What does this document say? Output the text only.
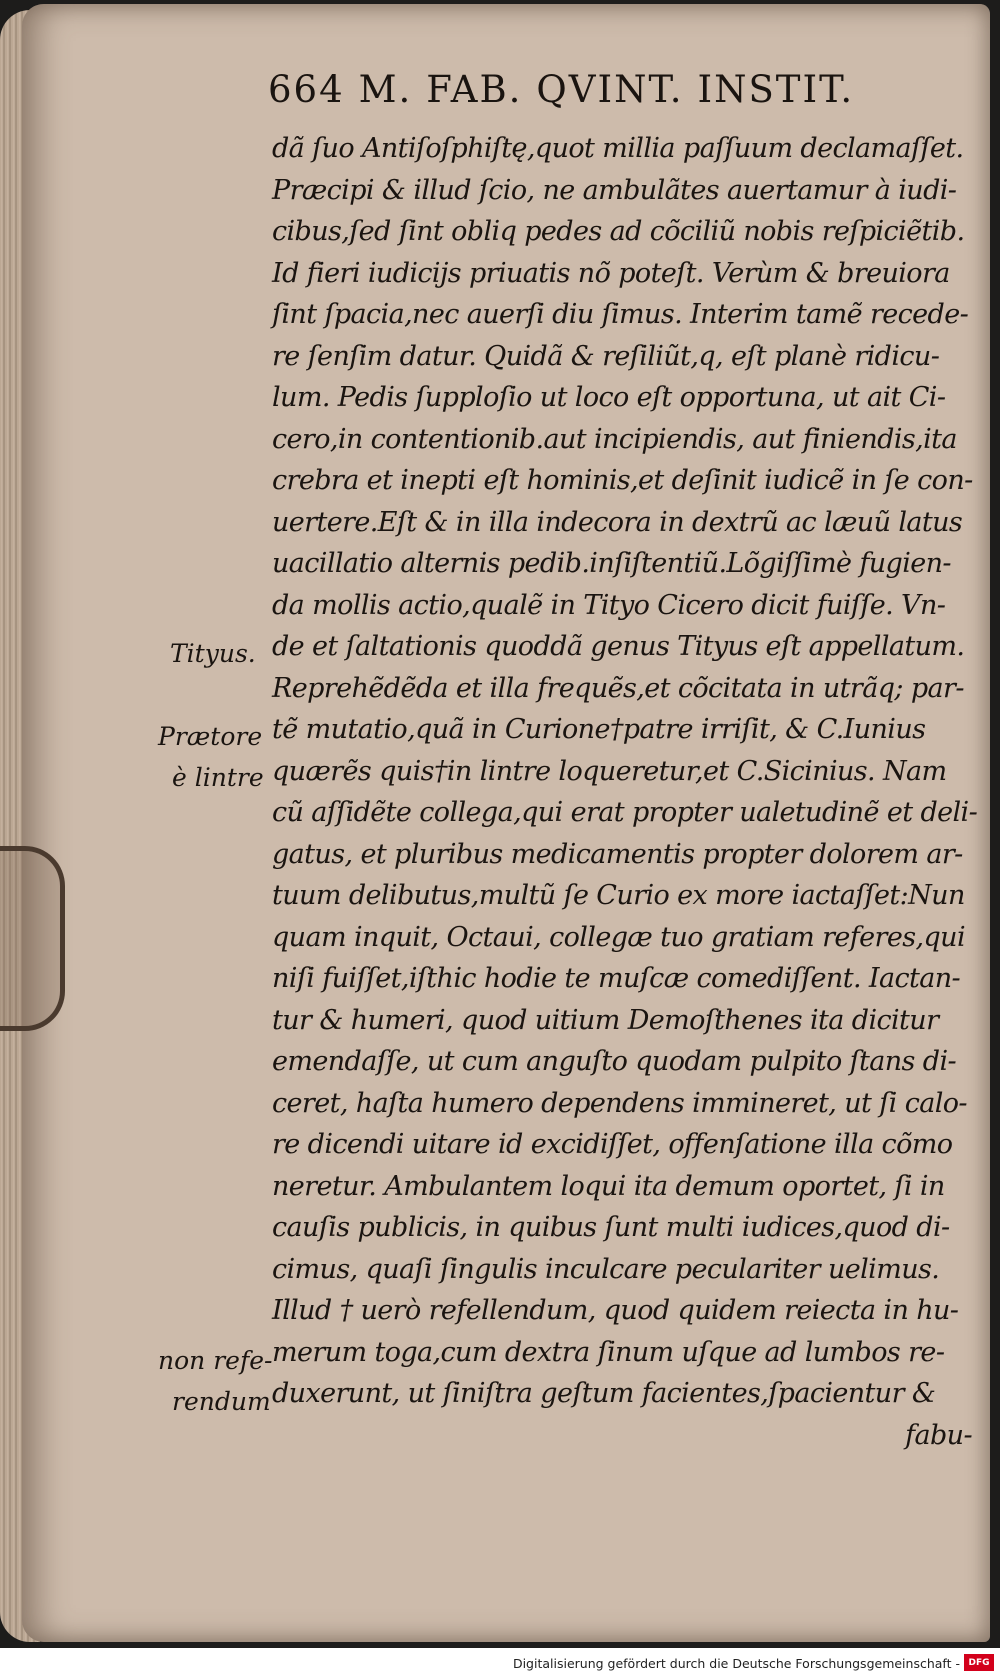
664 M. FAB. QVINT. INSTIT.
dã ſuo Antiſoſphiſtę,quot millia paſſuum declamaſſet.
Præcipi & illud ſcio, ne ambulãtes auertamur à iudi-
cibus,ſed ſint obliq pedes ad cõciliũ nobis reſpiciẽtib.
Id fieri iudicijs priuatis nõ poteſt. Verùm & breuiora
ſint ſpacia,nec auerſi diu ſimus. Interim tamẽ recede-
re ſenſim datur. Quidã & reſiliũt,q, eſt planè ridicu-
lum. Pedis ſupploſio ut loco eſt opportuna, ut ait Ci-
cero,in contentionib.aut incipiendis, aut finiendis,ita
crebra et inepti eſt hominis,et deſinit iudicẽ in ſe con-
uertere.Eſt & in illa indecora in dextrũ ac læuũ latus
uacillatio alternis pedib.inſiſtentiũ.Lõgiſſimè fugien-
da mollis actio,qualẽ in Tityo Cicero dicit fuiſſe. Vn-
de et ſaltationis quoddã genus Tityus eſt appellatum.
Reprehẽdẽda et illa frequẽs,et cõcitata in utrãq; par-
tẽ mutatio,quã in Curione†patre irriſit, & C.Iunius
quærẽs quis†in lintre loqueretur,et C.Sicinius. Nam
cũ aſſidẽte collega,qui erat propter ualetudinẽ et deli-
gatus, et pluribus medicamentis propter dolorem ar-
tuum delibutus,multũ ſe Curio ex more iactaſſet:Nun
quam inquit, Octaui, collegæ tuo gratiam referes,qui
niſi fuiſſet,iſthic hodie te muſcæ comediſſent. Iactan-
tur & humeri, quod uitium Demoſthenes ita dicitur
emendaſſe, ut cum anguſto quodam pulpito ſtans di-
ceret, haſta humero dependens immineret, ut ſi calo-
re dicendi uitare id excidiſſet, offenſatione illa cõmo
neretur. Ambulantem loqui ita demum oportet, ſi in
cauſis publicis, in quibus ſunt multi iudices,quod di-
cimus, quaſi ſingulis inculcare peculariter uelimus.
Illud † uerò refellendum, quod quidem reiecta in hu-
merum toga,cum dextra ſinum uſque ad lumbos re-
duxerunt, ut ſiniſtra geſtum facientes,ſpacientur &
fabu-
Tityus.
Prætore
è lintre
non refe-
rendum
Digitalisierung gefördert durch die Deutsche Forschungsgemeinschaft - DFG
